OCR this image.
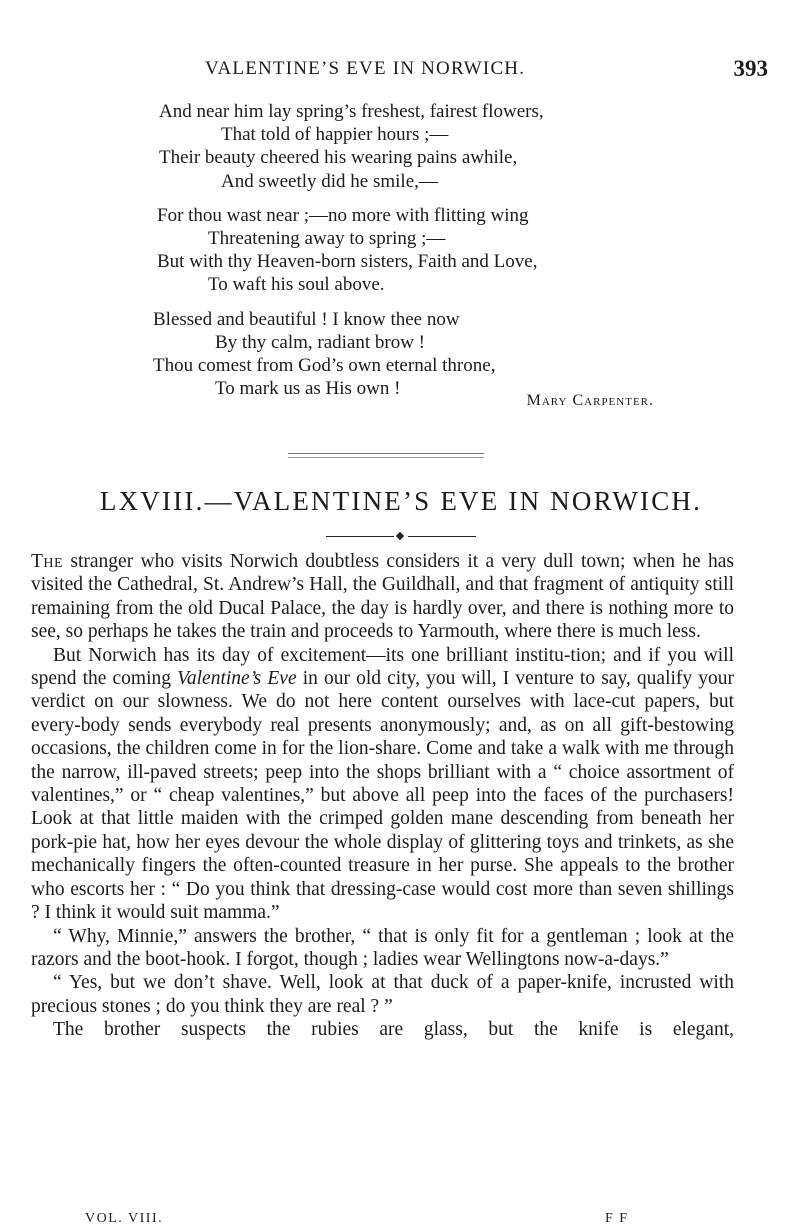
VALENTINE’S EVE IN NORWICH.	393
And near him lay spring’s freshest, fairest flowers,
That told of happier hours ;—
Their beauty cheered his wearing pains awhile,
And sweetly did he smile,—
For thou wast near ;—no more with flitting wing
Threatening away to spring ;—
But with thy Heaven-born sisters, Faith and Love,
To waft his soul above.
Blessed and beautiful ! I know thee now
By thy calm, radiant brow !
Thou comest from God’s own eternal throne,
To mark us as His own !
Mary Carpenter.
LXVIII.—VALENTINE’S EVE IN NORWICH.

The stranger who visits Norwich doubtless considers it a very dull town; when he has visited the Cathedral, St. Andrew’s Hall, the Guildhall, and that fragment of antiquity still remaining from the old Ducal Palace, the day is hardly over, and there is nothing more to see, so perhaps he takes the train and proceeds to Yarmouth, where there is much less.

But Norwich has its day of excitement—its one brilliant institu-tion; and if you will spend the coming Valentine’s Eve in our old city, you will, I venture to say, qualify your verdict on our slowness. We do not here content ourselves with lace-cut papers, but every-body sends everybody real presents anonymously; and, as on all gift-bestowing occasions, the children come in for the lion-share. Come and take a walk with me through the narrow, ill-paved streets; peep into the shops brilliant with a “ choice assortment of valentines,” or “ cheap valentines,” but above all peep into the faces of the purchasers! Look at that little maiden with the crimped golden mane descending from beneath her pork-pie hat, how her eyes devour the whole display of glittering toys and trinkets, as she mechanically fingers the often-counted treasure in her purse. She appeals to the brother who escorts her : “ Do you think that dressing-case would cost more than seven shillings ? I think it would suit mamma.”

“ Why, Minnie,” answers the brother, “ that is only fit for a gentleman ; look at the razors and the boot-hook. I forgot, though ; ladies wear Wellingtons now-a-days.”

“ Yes, but we don’t shave. Well, look at that duck of a paper-knife, incrusted with precious stones ; do you think they are real ? ”

The brother suspects the rubies are glass, but the knife is elegant,

VOL. VIII.	F F
